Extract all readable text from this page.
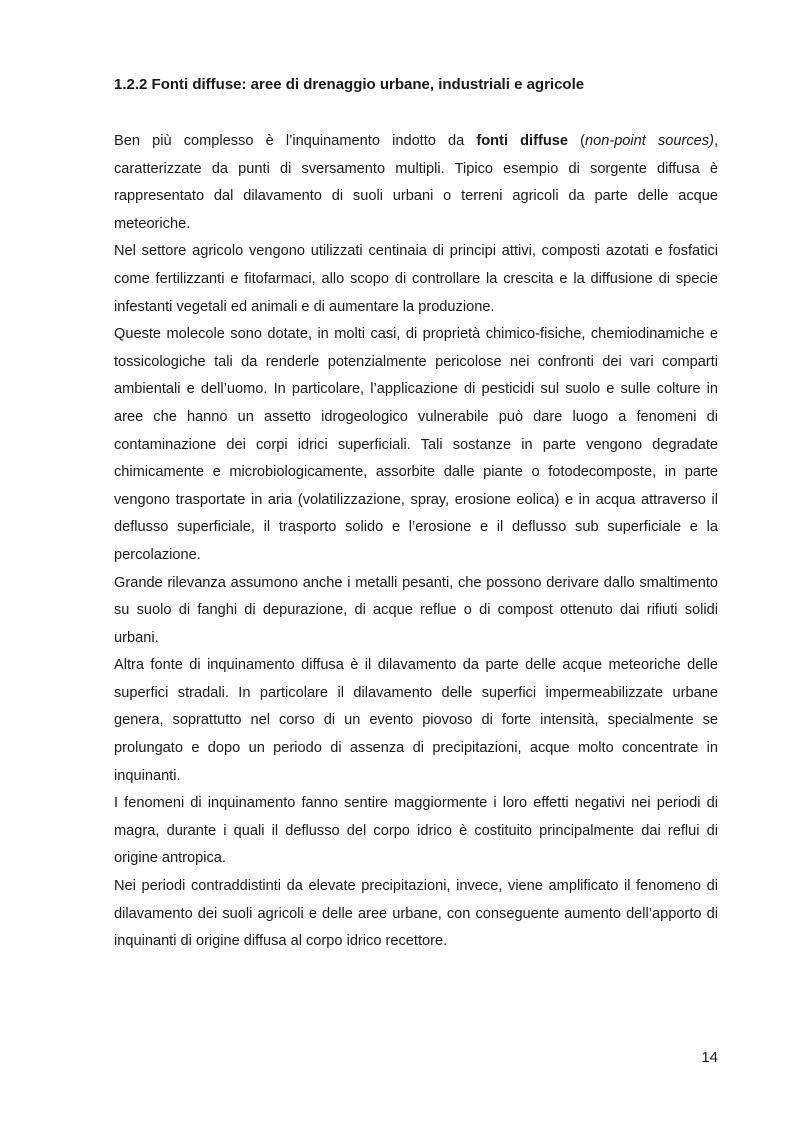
1.2.2 Fonti diffuse: aree di drenaggio urbane, industriali e agricole

Ben più complesso è l’inquinamento indotto da fonti diffuse (non-point sources), caratterizzate da punti di sversamento multipli. Tipico esempio di sorgente diffusa è rappresentato dal dilavamento di suoli urbani o terreni agricoli da parte delle acque meteoriche.

Nel settore agricolo vengono utilizzati centinaia di principi attivi, composti azotati e fosfatici come fertilizzanti e fitofarmaci, allo scopo di controllare la crescita e la diffusione di specie infestanti vegetali ed animali e di aumentare la produzione.

Queste molecole sono dotate, in molti casi, di proprietà chimico-fisiche, chemiodinamiche e tossicologiche tali da renderle potenzialmente pericolose nei confronti dei vari comparti ambientali e dell’uomo. In particolare, l’applicazione di pesticidi sul suolo e sulle colture in aree che hanno un assetto idrogeologico vulnerabile può dare luogo a fenomeni di contaminazione dei corpi idrici superficiali. Tali sostanze in parte vengono degradate chimicamente e microbiologicamente, assorbite dalle piante o fotodecomposte, in parte vengono trasportate in aria (volatilizzazione, spray, erosione eolica) e in acqua attraverso il deflusso superficiale, il trasporto solido e l’erosione e il deflusso sub superficiale e la percolazione.

Grande rilevanza assumono anche i metalli pesanti, che possono derivare dallo smaltimento su suolo di fanghi di depurazione, di acque reflue o di compost ottenuto dai rifiuti solidi urbani.

Altra fonte di inquinamento diffusa è il dilavamento da parte delle acque meteoriche delle superfici stradali. In particolare il dilavamento delle superfici impermeabilizzate urbane genera, soprattutto nel corso di un evento piovoso di forte intensità, specialmente se prolungato e dopo un periodo di assenza di precipitazioni, acque molto concentrate in inquinanti.

I fenomeni di inquinamento fanno sentire maggiormente i loro effetti negativi nei periodi di magra, durante i quali il deflusso del corpo idrico è costituito principalmente dai reflui di origine antropica.

Nei periodi contraddistinti da elevate precipitazioni, invece, viene amplificato il fenomeno di dilavamento dei suoli agricoli e delle aree urbane, con conseguente aumento dell’apporto di inquinanti di origine diffusa al corpo idrico recettore.

14
